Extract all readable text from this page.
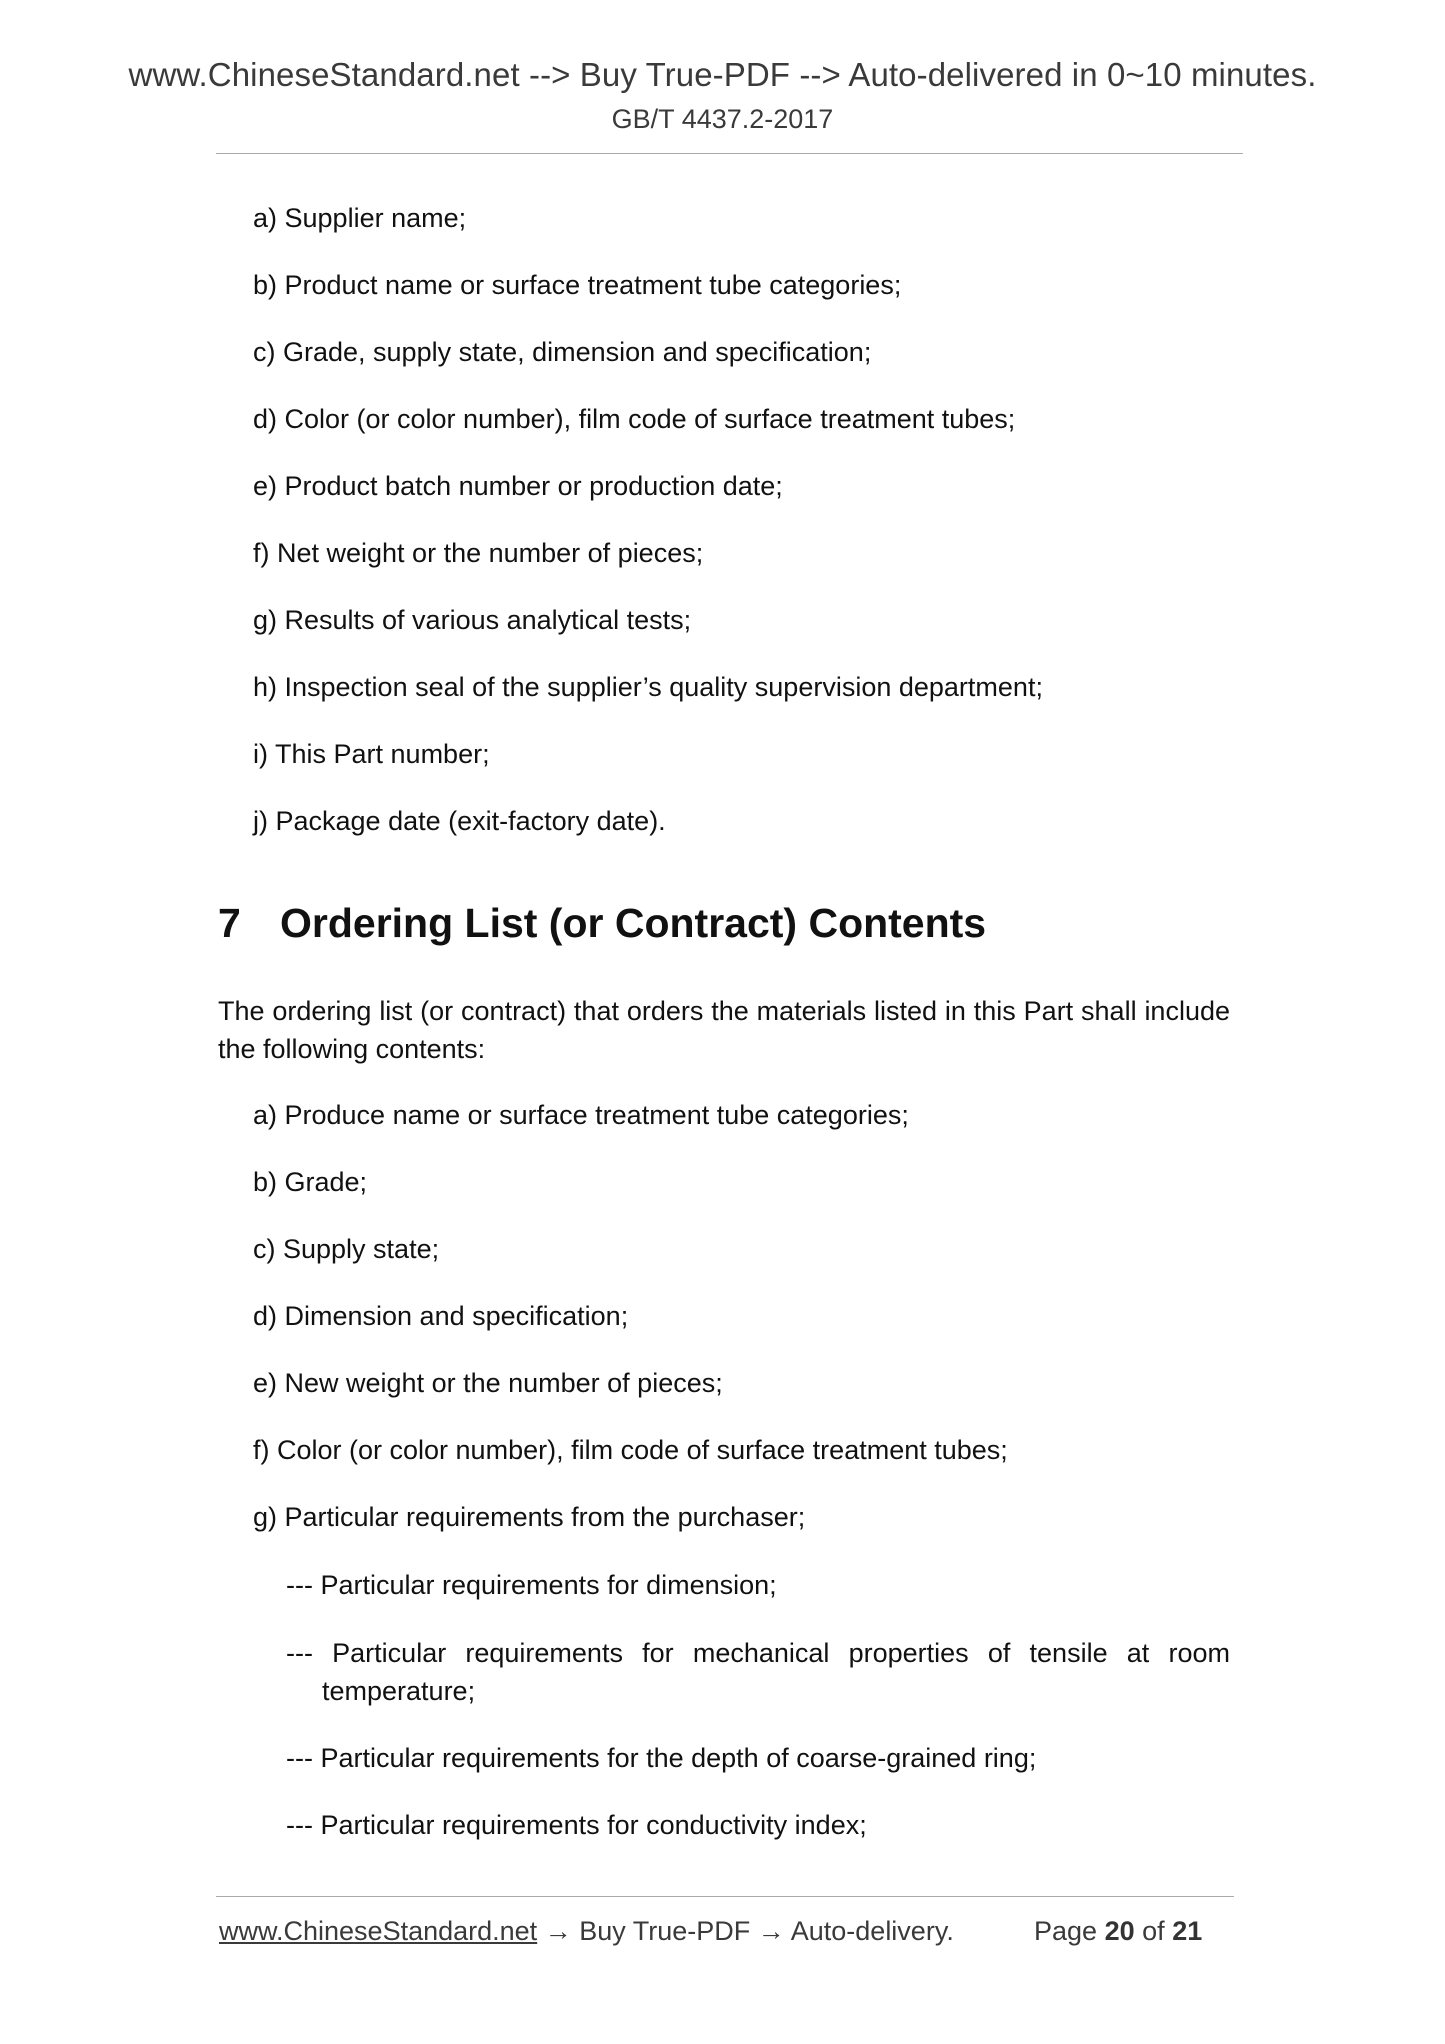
www.ChineseStandard.net --> Buy True-PDF --> Auto-delivered in 0~10 minutes.
GB/T 4437.2-2017
a) Supplier name;
b) Product name or surface treatment tube categories;
c) Grade, supply state, dimension and specification;
d) Color (or color number), film code of surface treatment tubes;
e) Product batch number or production date;
f) Net weight or the number of pieces;
g) Results of various analytical tests;
h) Inspection seal of the supplier’s quality supervision department;
i) This Part number;
j) Package date (exit-factory date).
7 Ordering List (or Contract) Contents
The ordering list (or contract) that orders the materials listed in this Part shall include the following contents:
a) Produce name or surface treatment tube categories;
b) Grade;
c) Supply state;
d) Dimension and specification;
e) New weight or the number of pieces;
f) Color (or color number), film code of surface treatment tubes;
g) Particular requirements from the purchaser;
--- Particular requirements for dimension;
--- Particular requirements for mechanical properties of tensile at room
temperature;
--- Particular requirements for the depth of coarse-grained ring;
--- Particular requirements for conductivity index;
www.ChineseStandard.net → Buy True-PDF → Auto-delivery.	Page 20 of 21
